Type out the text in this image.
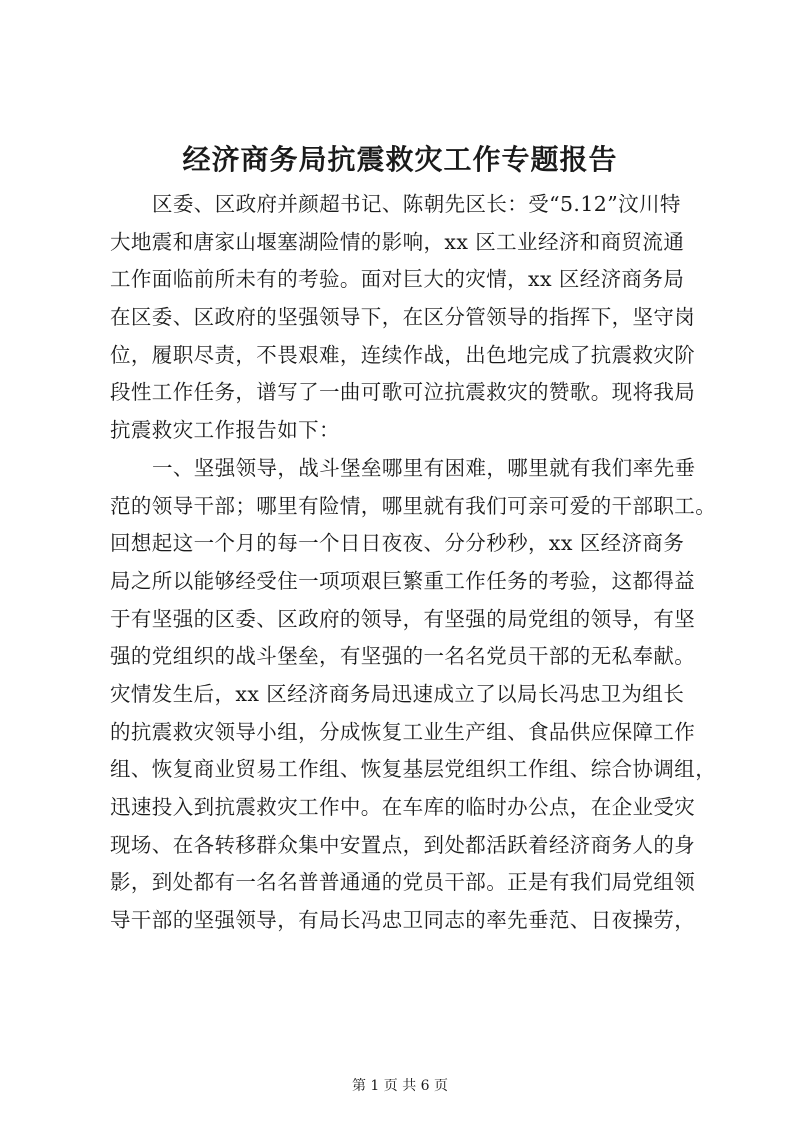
经济商务局抗震救灾工作专题报告
区委、区政府并颜超书记、陈朝先区长：受“5.12”汶川特
大地震和唐家山堰塞湖险情的影响，xx 区工业经济和商贸流通
工作面临前所未有的考验。面对巨大的灾情，xx 区经济商务局
在区委、区政府的坚强领导下，在区分管领导的指挥下，坚守岗
位，履职尽责，不畏艰难，连续作战，出色地完成了抗震救灾阶
段性工作任务，谱写了一曲可歌可泣抗震救灾的赞歌。现将我局
抗震救灾工作报告如下：
一、坚强领导，战斗堡垒哪里有困难，哪里就有我们率先垂
范的领导干部；哪里有险情，哪里就有我们可亲可爱的干部职工。
回想起这一个月的每一个日日夜夜、分分秒秒，xx 区经济商务
局之所以能够经受住一项项艰巨繁重工作任务的考验，这都得益
于有坚强的区委、区政府的领导，有坚强的局党组的领导，有坚
强的党组织的战斗堡垒，有坚强的一名名党员干部的无私奉献。
灾情发生后，xx 区经济商务局迅速成立了以局长冯忠卫为组长
的抗震救灾领导小组，分成恢复工业生产组、食品供应保障工作
组、恢复商业贸易工作组、恢复基层党组织工作组、综合协调组，
迅速投入到抗震救灾工作中。在车库的临时办公点，在企业受灾
现场、在各转移群众集中安置点，到处都活跃着经济商务人的身
影，到处都有一名名普普通通的党员干部。正是有我们局党组领
导干部的坚强领导，有局长冯忠卫同志的率先垂范、日夜操劳，
第 1 页 共 6 页
